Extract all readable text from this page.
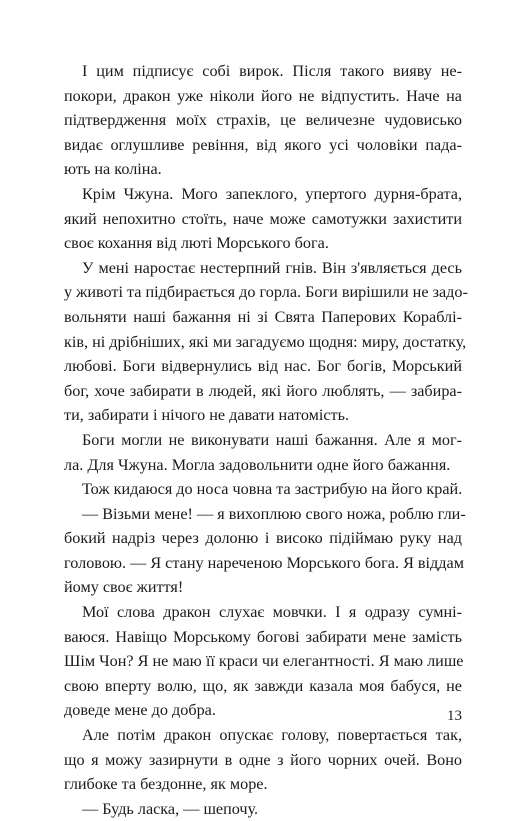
І цим підписує собі вирок. Після такого вияву не-
покори, дракон уже ніколи його не відпустить. Наче на
підтвердження моїх страхів, це величезне чудовисько
видає оглушливе ревіння, від якого усі чоловіки пада-
ють на коліна.
Крім Чжуна. Мого запеклого, упертого дурня-брата,
який непохитно стоїть, наче може самотужки захистити
своє кохання від люті Морського бога.
У мені наростає нестерпний гнів. Він з'являється десь
у животі та підбирається до горла. Боги вирішили не задо-
вольняти наші бажання ні зі Свята Паперових Кораблі-
ків, ні дрібніших, які ми загадуємо щодня: миру, достатку,
любові. Боги відвернулись від нас. Бог богів, Морський
бог, хоче забирати в людей, які його люблять, — забира-
ти, забирати і нічого не давати натомість.
Боги могли не виконувати наші бажання. Але я мог-
ла. Для Чжуна. Могла задовольнити одне його бажання.
Тож кидаюся до носа човна та застрибую на його край.
— Візьми мене! — я вихоплюю свого ножа, роблю гли-
бокий надріз через долоню і високо підіймаю руку над
головою. — Я стану нареченою Морського бога. Я віддам
йому своє життя!
Мої слова дракон слухає мовчки. І я одразу сумні-
ваюся. Навіщо Морському богові забирати мене замість
Шім Чон? Я не маю її краси чи елегантності. Я маю лише
свою вперту волю, що, як завжди казала моя бабуся, не
доведе мене до добра.
Але потім дракон опускає голову, повертається так,
що я можу зазирнути в одне з його чорних очей. Воно
глибоке та бездонне, як море.
— Будь ласка, — шепочу.
13
